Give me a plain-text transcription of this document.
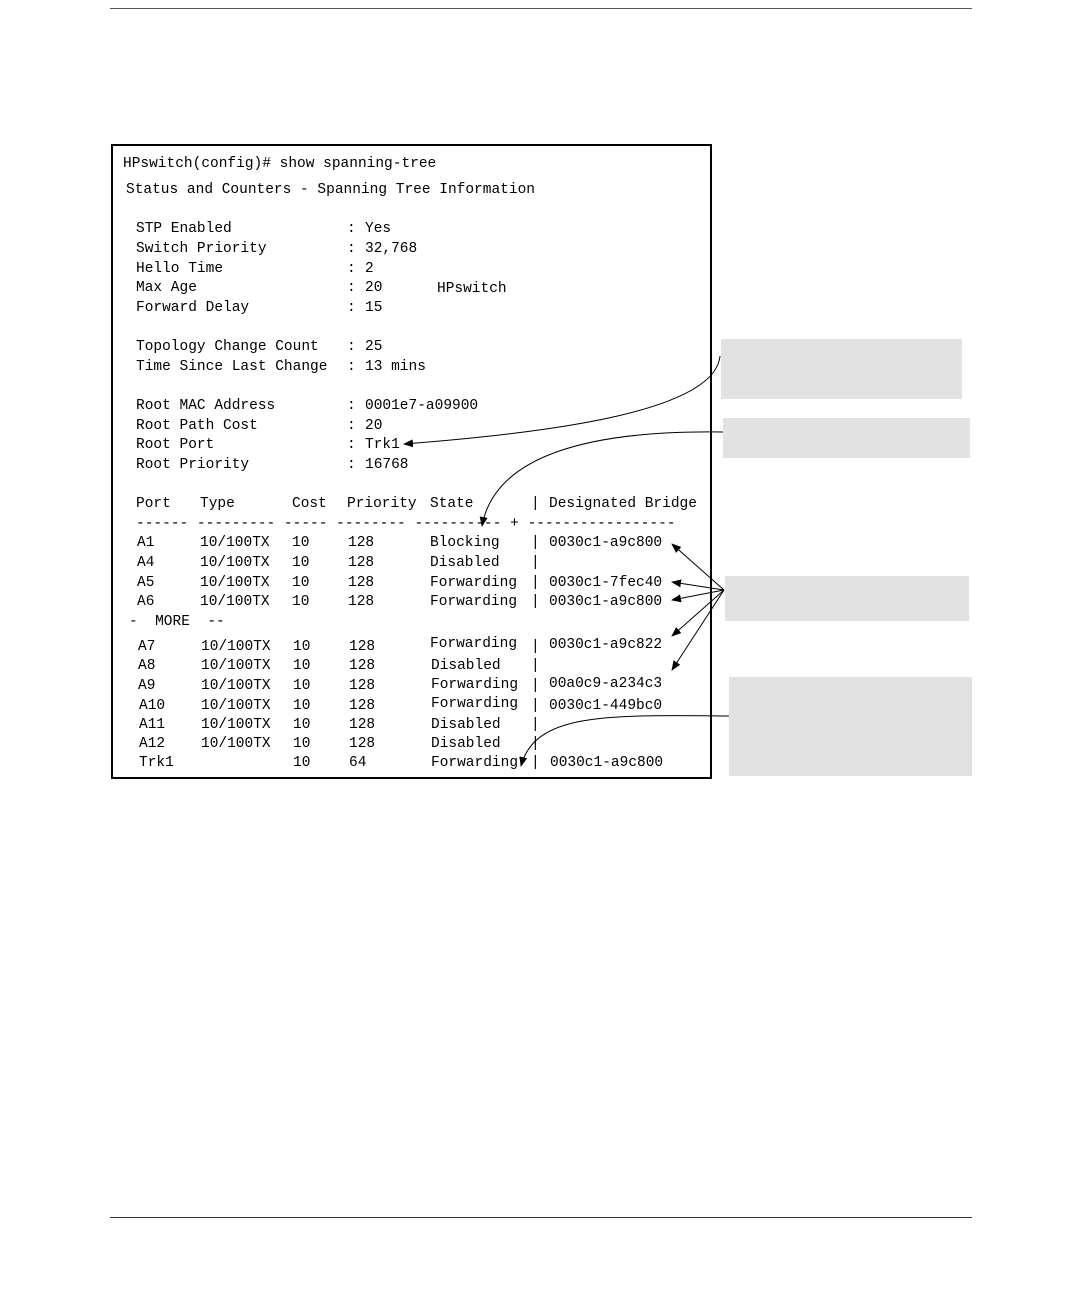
HPswitch(config)# show spanning-tree
Status and Counters - Spanning Tree Information
STP Enabled	: Yes
Switch Priority	: 32,768
Hello Time	: 2
Max Age	: 20	HPswitch
Forward Delay	: 15
Topology Change Count : 25
Time Since Last Change : 13 mins
Root MAC Address	: 0001e7-a09900
Root Path Cost	: 20
Root Port	: Trk1
Root Priority	: 16768
Port Type	Cost Priority State	| Designated Bridge
------ --------- ----- -------- ---------- + -----------------
A1	10/100TX 10	128	Blocking | 0030c1-a9c800
A4	10/100TX 10	128	Disabled |
A5	10/100TX 10	128	Forwarding | 0030c1-7fec40
A6	10/100TX 10	128	Forwarding | 0030c1-a9c800
-  MORE  --
A7	10/100TX 10	128	Forwarding | 0030c1-a9c822
A8	10/100TX 10	128	Disabled |
A9	10/100TX 10	128	Forwarding | 00a0c9-a234c3
A10 10/100TX 10	128	Forwarding | 0030c1-449bc0
A11 10/100TX 10	128	Disabled |
A12 10/100TX 10	128	Disabled |
Trk1	10	64	Forwarding | 0030c1-a9c800
